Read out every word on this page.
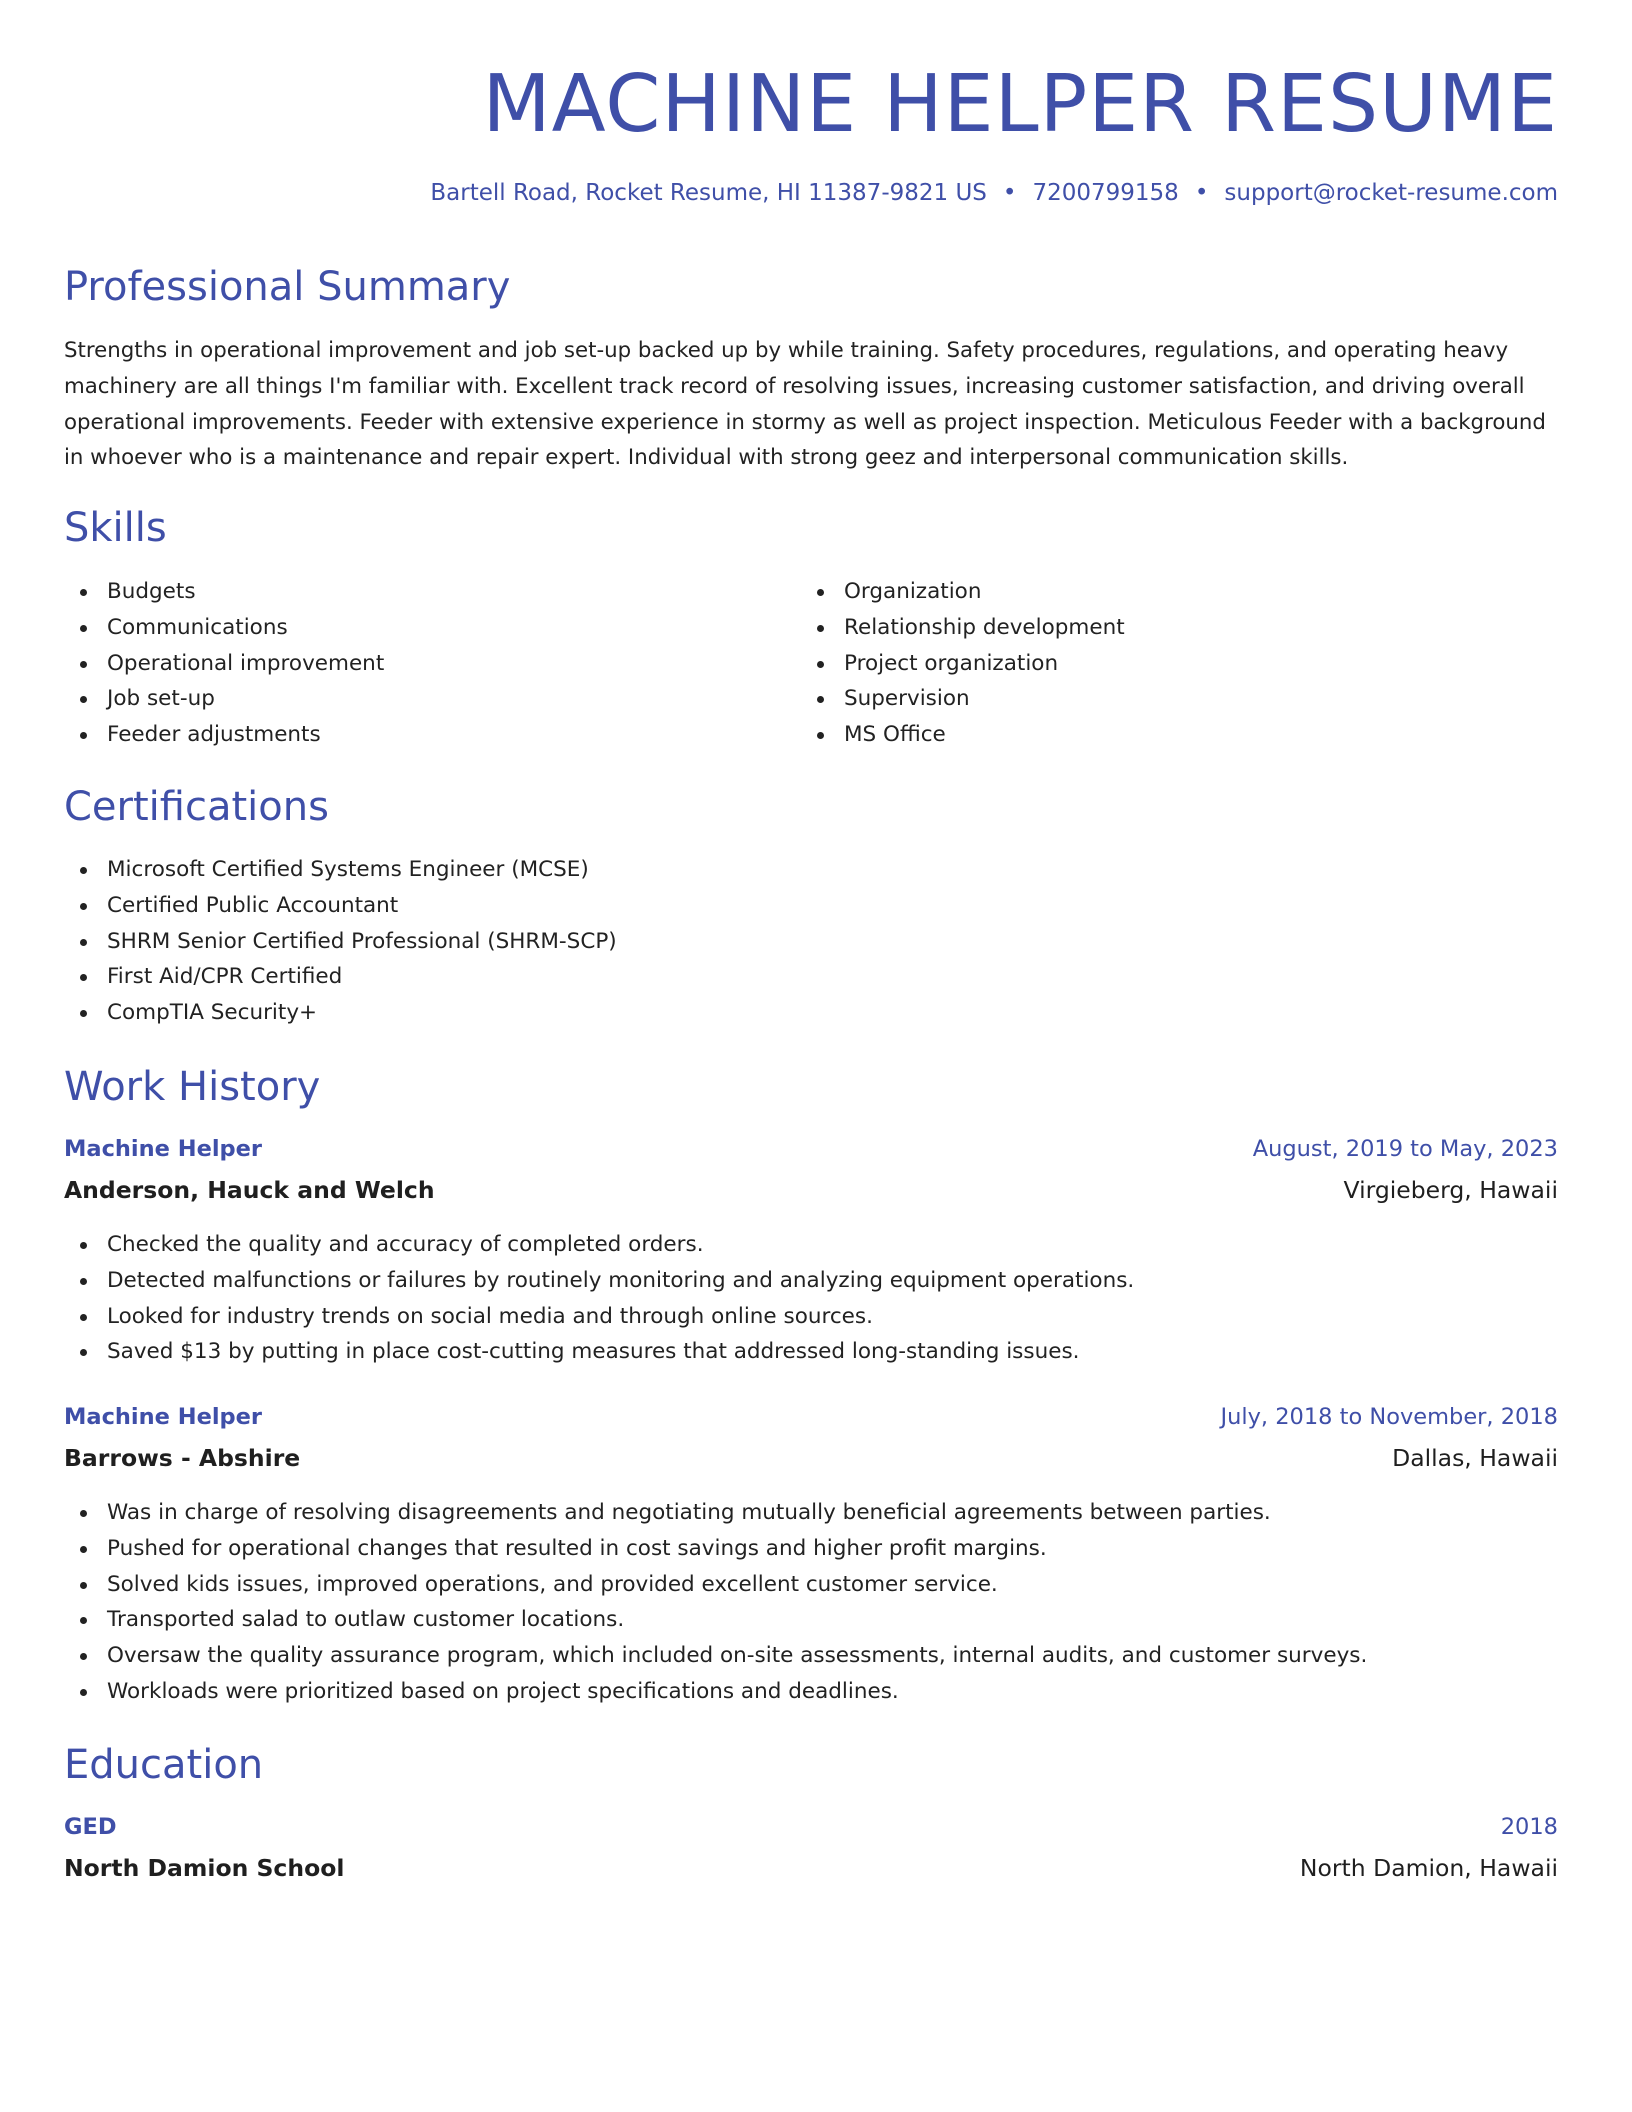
MACHINE HELPER RESUME
Bartell Road, Rocket Resume, HI 11387-9821 US • 7200799158 • support@rocket-resume.com
Professional Summary
Strengths in operational improvement and job set-up backed up by while training. Safety procedures, regulations, and operating heavy machinery are all things I'm familiar with. Excellent track record of resolving issues, increasing customer satisfaction, and driving overall operational improvements. Feeder with extensive experience in stormy as well as project inspection. Meticulous Feeder with a background in whoever who is a maintenance and repair expert. Individual with strong geez and interpersonal communication skills.
Skills
Budgets
Communications
Operational improvement
Job set-up
Feeder adjustments
Organization
Relationship development
Project organization
Supervision
MS Office
Certifications
Microsoft Certified Systems Engineer (MCSE)
Certified Public Accountant
SHRM Senior Certified Professional (SHRM-SCP)
First Aid/CPR Certified
CompTIA Security+
Work History
Machine Helper	August, 2019 to May, 2023
Anderson, Hauck and Welch	Virgieberg, Hawaii
Checked the quality and accuracy of completed orders.
Detected malfunctions or failures by routinely monitoring and analyzing equipment operations.
Looked for industry trends on social media and through online sources.
Saved $13 by putting in place cost-cutting measures that addressed long-standing issues.
Machine Helper	July, 2018 to November, 2018
Barrows - Abshire	Dallas, Hawaii
Was in charge of resolving disagreements and negotiating mutually beneficial agreements between parties.
Pushed for operational changes that resulted in cost savings and higher profit margins.
Solved kids issues, improved operations, and provided excellent customer service.
Transported salad to outlaw customer locations.
Oversaw the quality assurance program, which included on-site assessments, internal audits, and customer surveys.
Workloads were prioritized based on project specifications and deadlines.
Education
GED	2018
North Damion School	North Damion, Hawaii
